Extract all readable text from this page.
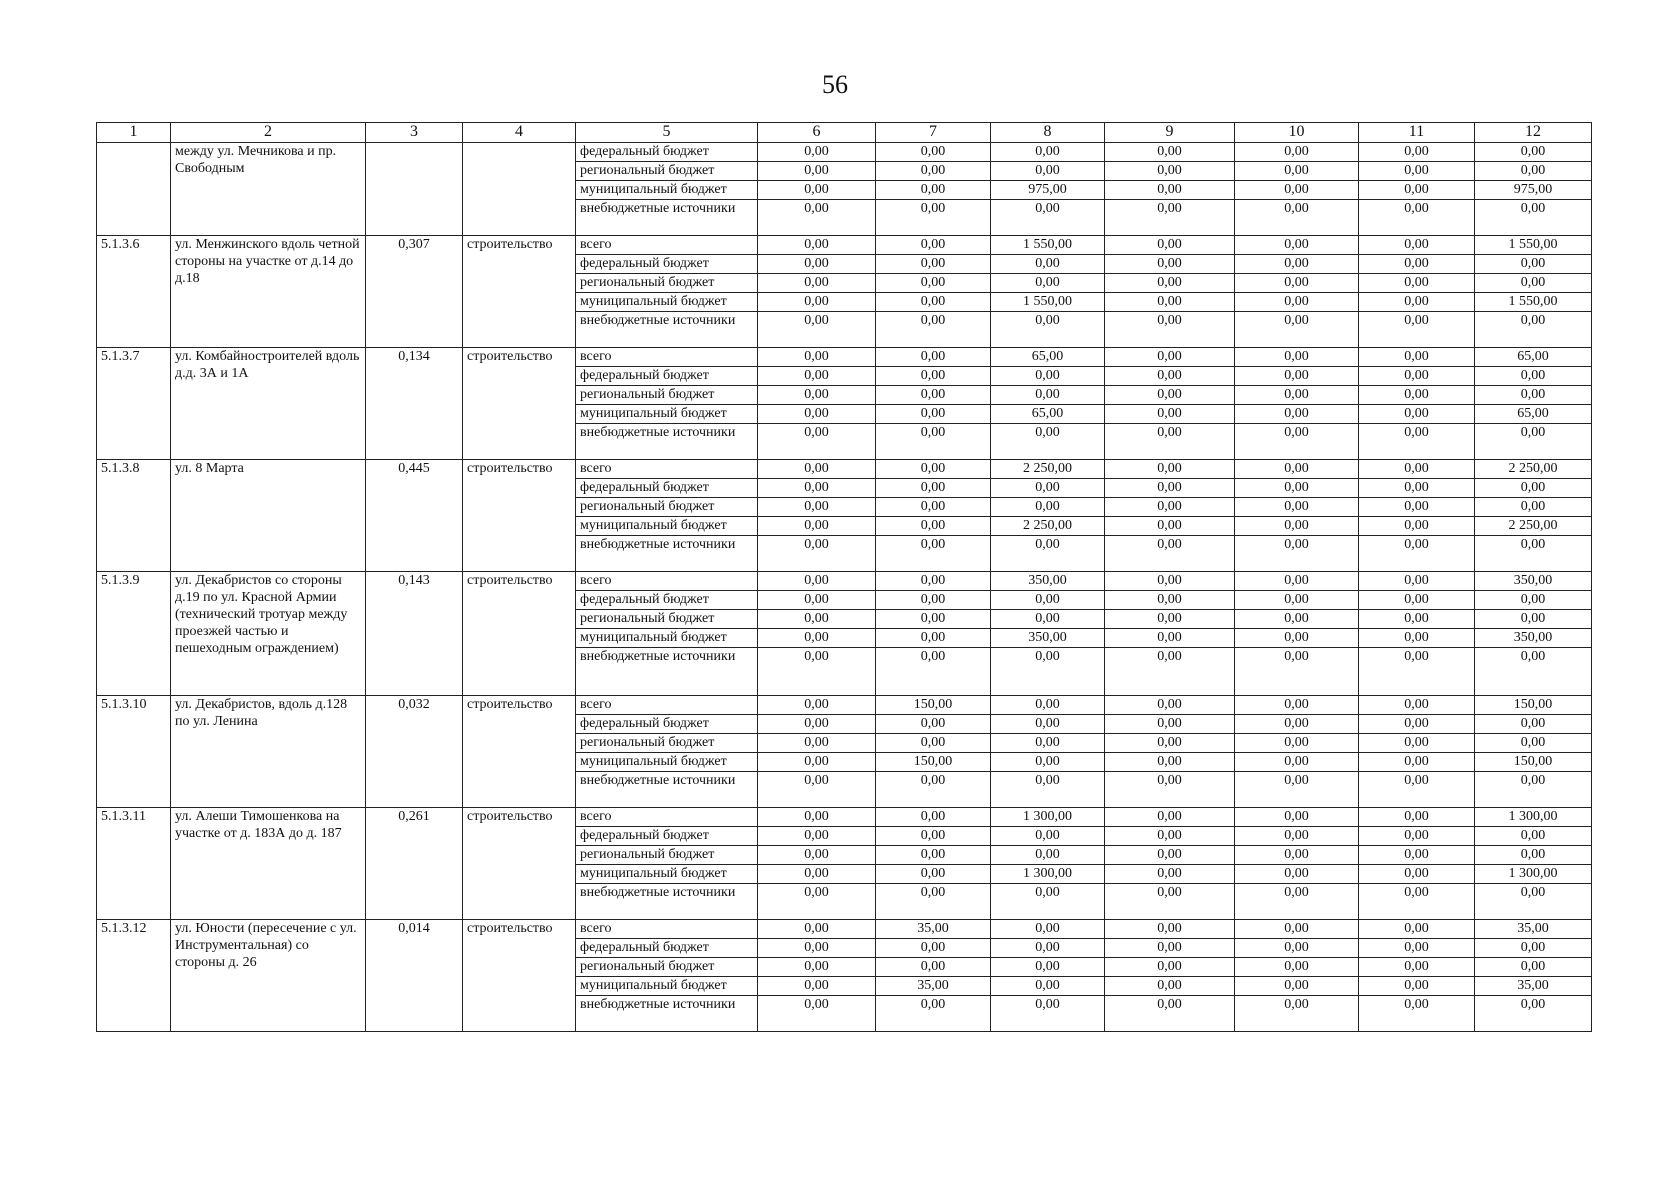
56
1	2	3	4	5	6	7	8	9	10	11	12
	между ул. Мечникова и пр. Свободным			федеральный бюджет	0,00	0,00	0,00	0,00	0,00	0,00	0,00
				региональный бюджет	0,00	0,00	0,00	0,00	0,00	0,00	0,00
				муниципальный бюджет	0,00	0,00	975,00	0,00	0,00	0,00	975,00
				внебюджетные источники	0,00	0,00	0,00	0,00	0,00	0,00	0,00
5.1.3.6	ул. Менжинского вдоль четной стороны на участке от д.14 до д.18	0,307	строительство	всего	0,00	0,00	1 550,00	0,00	0,00	0,00	1 550,00
				федеральный бюджет	0,00	0,00	0,00	0,00	0,00	0,00	0,00
				региональный бюджет	0,00	0,00	0,00	0,00	0,00	0,00	0,00
				муниципальный бюджет	0,00	0,00	1 550,00	0,00	0,00	0,00	1 550,00
				внебюджетные источники	0,00	0,00	0,00	0,00	0,00	0,00	0,00
5.1.3.7	ул. Комбайностроителей вдоль д.д. 3А и 1А	0,134	строительство	всего	0,00	0,00	65,00	0,00	0,00	0,00	65,00
				федеральный бюджет	0,00	0,00	0,00	0,00	0,00	0,00	0,00
				региональный бюджет	0,00	0,00	0,00	0,00	0,00	0,00	0,00
				муниципальный бюджет	0,00	0,00	65,00	0,00	0,00	0,00	65,00
				внебюджетные источники	0,00	0,00	0,00	0,00	0,00	0,00	0,00
5.1.3.8	ул. 8 Марта	0,445	строительство	всего	0,00	0,00	2 250,00	0,00	0,00	0,00	2 250,00
				федеральный бюджет	0,00	0,00	0,00	0,00	0,00	0,00	0,00
				региональный бюджет	0,00	0,00	0,00	0,00	0,00	0,00	0,00
				муниципальный бюджет	0,00	0,00	2 250,00	0,00	0,00	0,00	2 250,00
				внебюджетные источники	0,00	0,00	0,00	0,00	0,00	0,00	0,00
5.1.3.9	ул. Декабристов со стороны д.19 по ул. Красной Армии (технический тротуар между проезжей частью и пешеходным ограждением)	0,143	строительство	всего	0,00	0,00	350,00	0,00	0,00	0,00	350,00
				федеральный бюджет	0,00	0,00	0,00	0,00	0,00	0,00	0,00
				региональный бюджет	0,00	0,00	0,00	0,00	0,00	0,00	0,00
				муниципальный бюджет	0,00	0,00	350,00	0,00	0,00	0,00	350,00
				внебюджетные источники	0,00	0,00	0,00	0,00	0,00	0,00	0,00
5.1.3.10	ул. Декабристов, вдоль д.128 по ул. Ленина	0,032	строительство	всего	0,00	150,00	0,00	0,00	0,00	0,00	150,00
				федеральный бюджет	0,00	0,00	0,00	0,00	0,00	0,00	0,00
				региональный бюджет	0,00	0,00	0,00	0,00	0,00	0,00	0,00
				муниципальный бюджет	0,00	150,00	0,00	0,00	0,00	0,00	150,00
				внебюджетные источники	0,00	0,00	0,00	0,00	0,00	0,00	0,00
5.1.3.11	ул. Алеши Тимошенкова на участке от д. 183А до д. 187	0,261	строительство	всего	0,00	0,00	1 300,00	0,00	0,00	0,00	1 300,00
				федеральный бюджет	0,00	0,00	0,00	0,00	0,00	0,00	0,00
				региональный бюджет	0,00	0,00	0,00	0,00	0,00	0,00	0,00
				муниципальный бюджет	0,00	0,00	1 300,00	0,00	0,00	0,00	1 300,00
				внебюджетные источники	0,00	0,00	0,00	0,00	0,00	0,00	0,00
5.1.3.12	ул. Юности (пересечение с ул. Инструментальная) со стороны д. 26	0,014	строительство	всего	0,00	35,00	0,00	0,00	0,00	0,00	35,00
				федеральный бюджет	0,00	0,00	0,00	0,00	0,00	0,00	0,00
				региональный бюджет	0,00	0,00	0,00	0,00	0,00	0,00	0,00
				муниципальный бюджет	0,00	35,00	0,00	0,00	0,00	0,00	35,00
				внебюджетные источники	0,00	0,00	0,00	0,00	0,00	0,00	0,00
